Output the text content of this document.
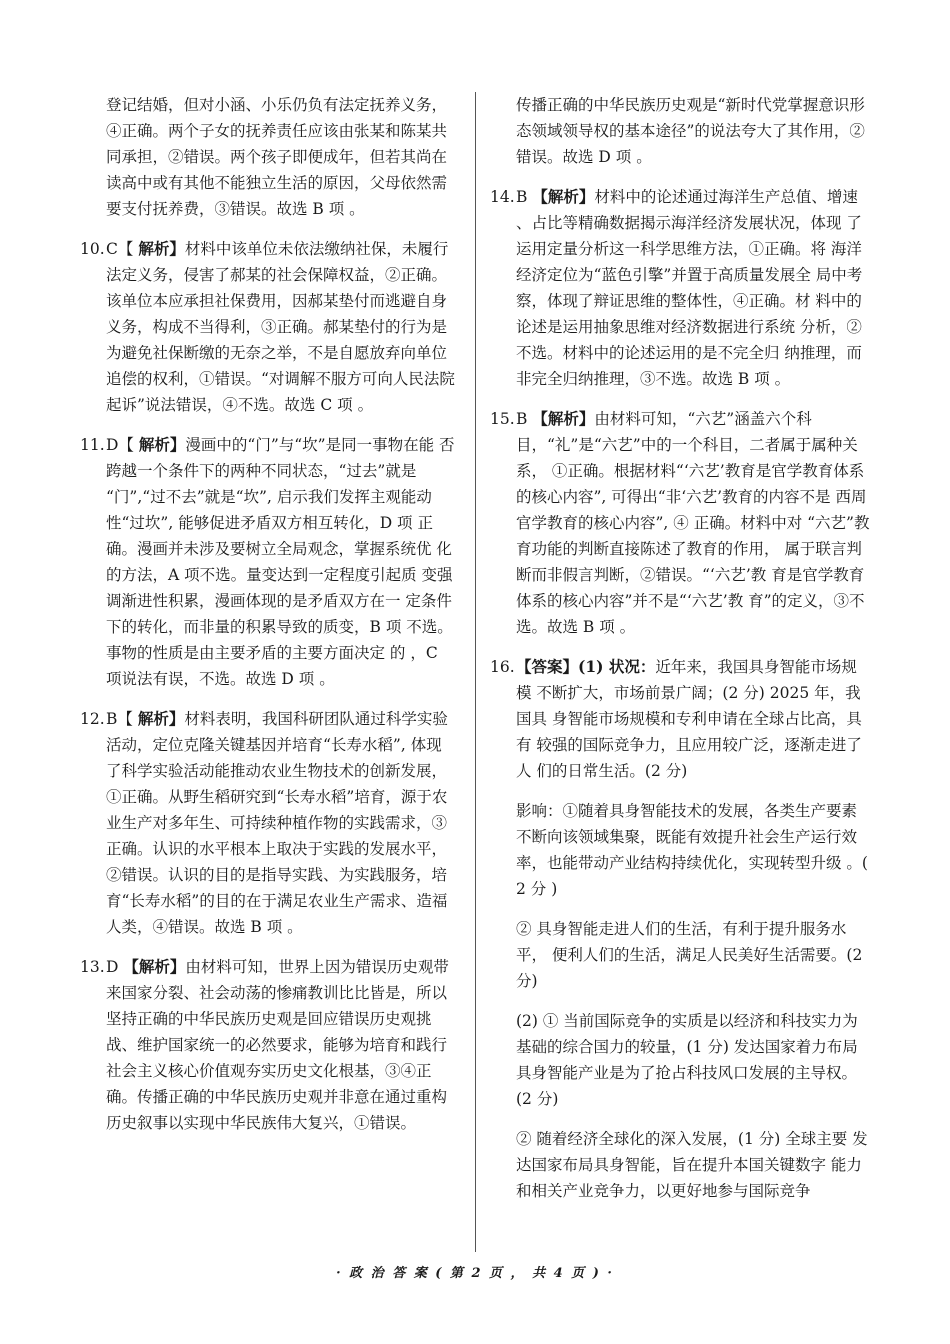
登记结婚，但对小涵、小乐仍负有法定抚养义务，④正确。两个子女的抚养责任应该由张某和陈某共同承担，②错误。两个孩子即便成年，但若其尚在读高中或有其他不能独立生活的原因，父母依然需要支付抚养费，③错误。故选 B 项 。

10. C【 解析】材料中该单位未依法缴纳社保，未履行法定义务，侵害了郝某的社会保障权益，②正确。该单位本应承担社保费用，因郝某垫付而逃避自身义务，构成不当得利，③正确。郝某垫付的行为是为避免社保断缴的无奈之举，不是自愿放弃向单位追偿的权利，①错误。“对调解不服方可向人民法院起诉”说法错误，④不选。故选 C 项 。
11. D【 解析】漫画中的“门”与“坎”是同一事物在能 否跨越一个条件下的两种不同状态，“过去”就是 “门”,“过不去”就是“坎”, 启示我们发挥主观能动 性“过坎”, 能够促进矛盾双方相互转化，D 项 正 确。漫画并未涉及要树立全局观念，掌握系统优 化的方法，A 项不选。量变达到一定程度引起质 变强调渐进性积累，漫画体现的是矛盾双方在一 定条件下的转化，而非量的积累导致的质变，B 项 不选。事物的性质是由主要矛盾的主要方面决定 的 ，C 项说法有误，不选。故选 D 项 。
12. B【 解析】材料表明，我国科研团队通过科学实验活动，定位克隆关键基因并培育“长寿水稻”, 体现了科学实验活动能推动农业生物技术的创新发展，①正确。从野生稻研究到“长寿水稻”培育，源于农业生产对多年生、可持续种植作物的实践需求，③正确。认识的水平根本上取决于实践的发展水平，②错误。认识的目的是指导实践、为实践服务，培育“长寿水稻”的目的在于满足农业生产需求、造福人类，④错误。故选 B 项 。
13. D 【解析】由材料可知，世界上因为错误历史观带来国家分裂、社会动荡的惨痛教训比比皆是，所以坚持正确的中华民族历史观是回应错误历史观挑战、维护国家统一的必然要求，能够为培育和践行社会主义核心价值观夯实历史文化根基，③④正确。传播正确的中华民族历史观并非意在通过重构历史叙事以实现中华民族伟大复兴，①错误。

传播正确的中华民族历史观是“新时代党掌握意识形态领域领导权的基本途径”的说法夸大了其作用，②错误。故选 D 项 。

14. B 【解析】材料中的论述通过海洋生产总值、增速 、占比等精确数据揭示海洋经济发展状况，体现 了运用定量分析这一科学思维方法，①正确。将 海洋经济定位为“蓝色引擎”并置于高质量发展全 局中考察，体现了辩证思维的整体性，④正确。材 料中的论述是运用抽象思维对经济数据进行系统 分析，②不选。材料中的论述运用的是不完全归 纳推理，而非完全归纳推理，③不选。故选 B 项 。
15. B 【解析】由材料可知，“六艺”涵盖六个科目，“礼”是“六艺”中的一个科目，二者属于属种关系， ①正确。根据材料“‘六艺’教育是官学教育体系 的核心内容”, 可得出“非‘六艺’教育的内容不是 西周官学教育的核心内容”, ④ 正确。材料中对 “六艺”教育功能的判断直接陈述了教育的作用， 属于联言判断而非假言判断，②错误。“‘六艺’教 育是官学教育体系的核心内容”并不是“‘六艺’教 育”的定义，③不选。故选 B 项 。
16. 【答案】(1) 状况：近年来，我国具身智能市场规模 不断扩大，市场前景广阔；(2 分) 2025 年，我国具 身智能市场规模和专利申请在全球占比高，具有 较强的国际竞争力，且应用较广泛，逐渐走进了人 们的日常生活。(2 分)

影响：①随着具身智能技术的发展，各类生产要素不断向该领域集聚，既能有效提升社会生产运行效率，也能带动产业结构持续优化，实现转型升级 。( 2 分 )

② 具身智能走进人们的生活，有利于提升服务水平， 便利人们的生活，满足人民美好生活需要。(2 分)

(2) ① 当前国际竞争的实质是以经济和科技实力为基础的综合国力的较量，(1 分) 发达国家着力布局具身智能产业是为了抢占科技风口发展的主导权。(2 分)

② 随着经济全球化的深入发展，(1 分) 全球主要 发达国家布局具身智能，旨在提升本国关键数字 能力和相关产业竞争力，以更好地参与国际竞争

· 政 治 答 案 ( 第 2 页 ， 共 4 页 ) ·
